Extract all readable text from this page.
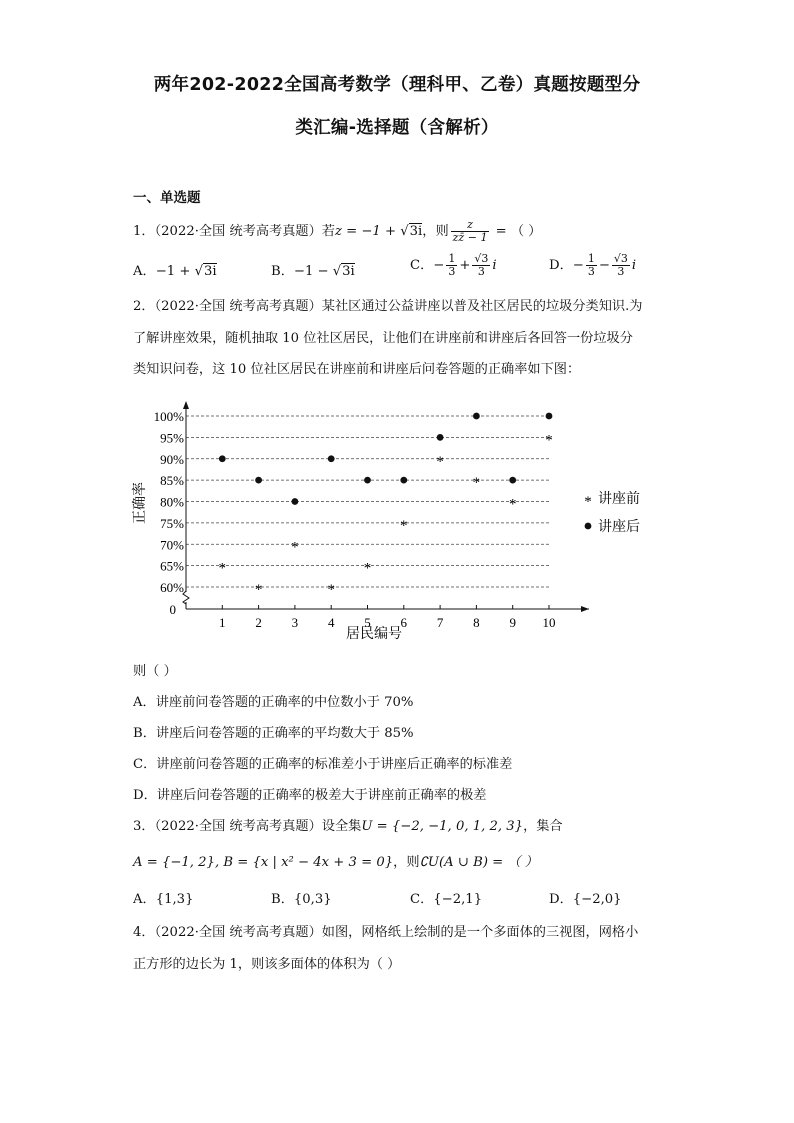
两年202-2022全国高考数学（理科甲、乙卷）真题按题型分
类汇编-选择题（含解析）
一、单选题
1．（2022·全国 统考高考真题）若z = −1 + √3i，则 $\frac{z}{zz̄ - 1}$ = （ ）
A．−1 + √3i	B．−1 − √3i	C．− $\frac{1}{3} + \frac{√3}{3}$ i	D．− $\frac{1}{3} - \frac{√3}{3}$ i
2．（2022·全国 统考高考真题）某社区通过公益讲座以普及社区居民的垃圾分类知识.为
了解讲座效果，随机抽取 10 位社区居民，让他们在讲座前和讲座后各回答一份垃圾分
类知识问卷，这 10 位社区居民在讲座前和讲座后问卷答题的正确率如下图：
60%
65%
70%
75%
80%
85%
90%
95%
100%
1 2 3 4 5 6 7 8 9 10
*
*
*
*
*
*
*
*
*
*
* 讲座前
讲座后
正确率
居民编号
0
则（ ）
A．讲座前问卷答题的正确率的中位数小于 70%
B．讲座后问卷答题的正确率的平均数大于 85%
C．讲座前问卷答题的正确率的标准差小于讲座后正确率的标准差
D．讲座后问卷答题的正确率的极差大于讲座前正确率的极差
3．（2022·全国 统考高考真题）设全集U = {−2, −1, 0, 1, 2, 3}，集合
A = {−1, 2}, B = {x | x² − 4x + 3 = 0}，则∁U(A ∪ B) = （ ）
A．{1,3}	B．{0,3}	C．{−2,1}	D．{−2,0}
4．（2022·全国 统考高考真题）如图，网格纸上绘制的是一个多面体的三视图，网格小
正方形的边长为 1，则该多面体的体积为（ ）
